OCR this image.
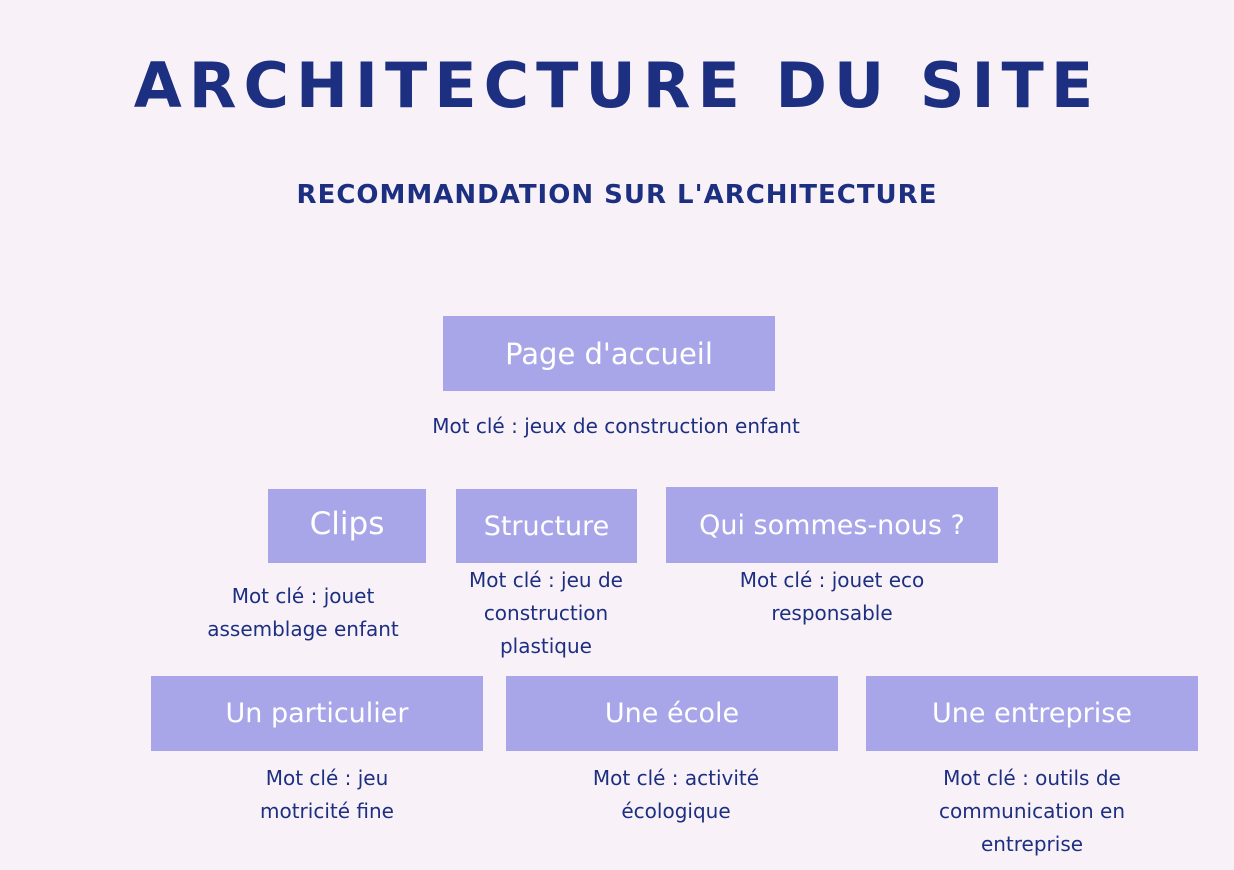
ARCHITECTURE DU SITE
RECOMMANDATION SUR L'ARCHITECTURE
Page d'accueil
Mot clé : jeux de construction enfant
Clips
Mot clé : jouet
assemblage enfant
Structure
Mot clé : jeu de
construction
plastique
Qui sommes-nous ?
Mot clé : jouet eco
responsable
Un particulier
Mot clé : jeu
motricité fine
Une école
Mot clé : activité
écologique
Une entreprise
Mot clé : outils de
communication en
entreprise
